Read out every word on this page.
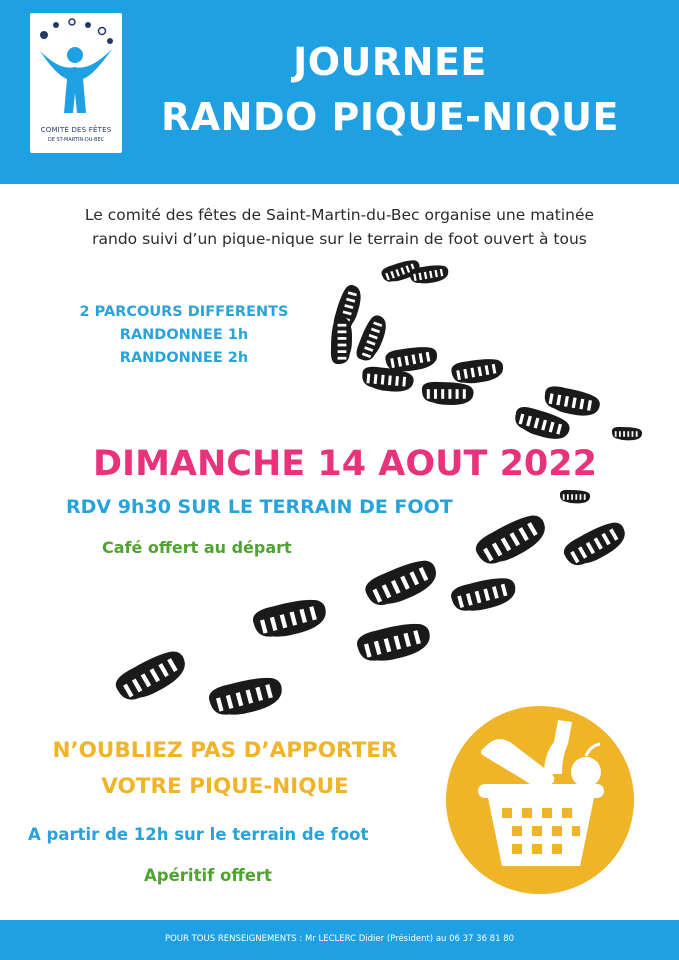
COMITÉ DES FÊTES
DE ST-MARTIN-DU-BEC
JOURNEE
RANDO PIQUE-NIQUE
Le comité des fêtes de Saint-Martin-du-Bec organise une matinée
rando suivi d’un pique-nique sur le terrain de foot ouvert à tous
2 PARCOURS DIFFERENTS
RANDONNEE 1h
RANDONNEE 2h
DIMANCHE 14 AOUT 2022
RDV 9h30 SUR LE TERRAIN DE FOOT
Café offert au départ
N’OUBLIEZ PAS D’APPORTER
VOTRE PIQUE-NIQUE
A partir de 12h sur le terrain de foot
Apéritif offert
POUR TOUS RENSEIGNEMENTS : Mr LECLERC Didier (Président) au 06 37 36 81 80
